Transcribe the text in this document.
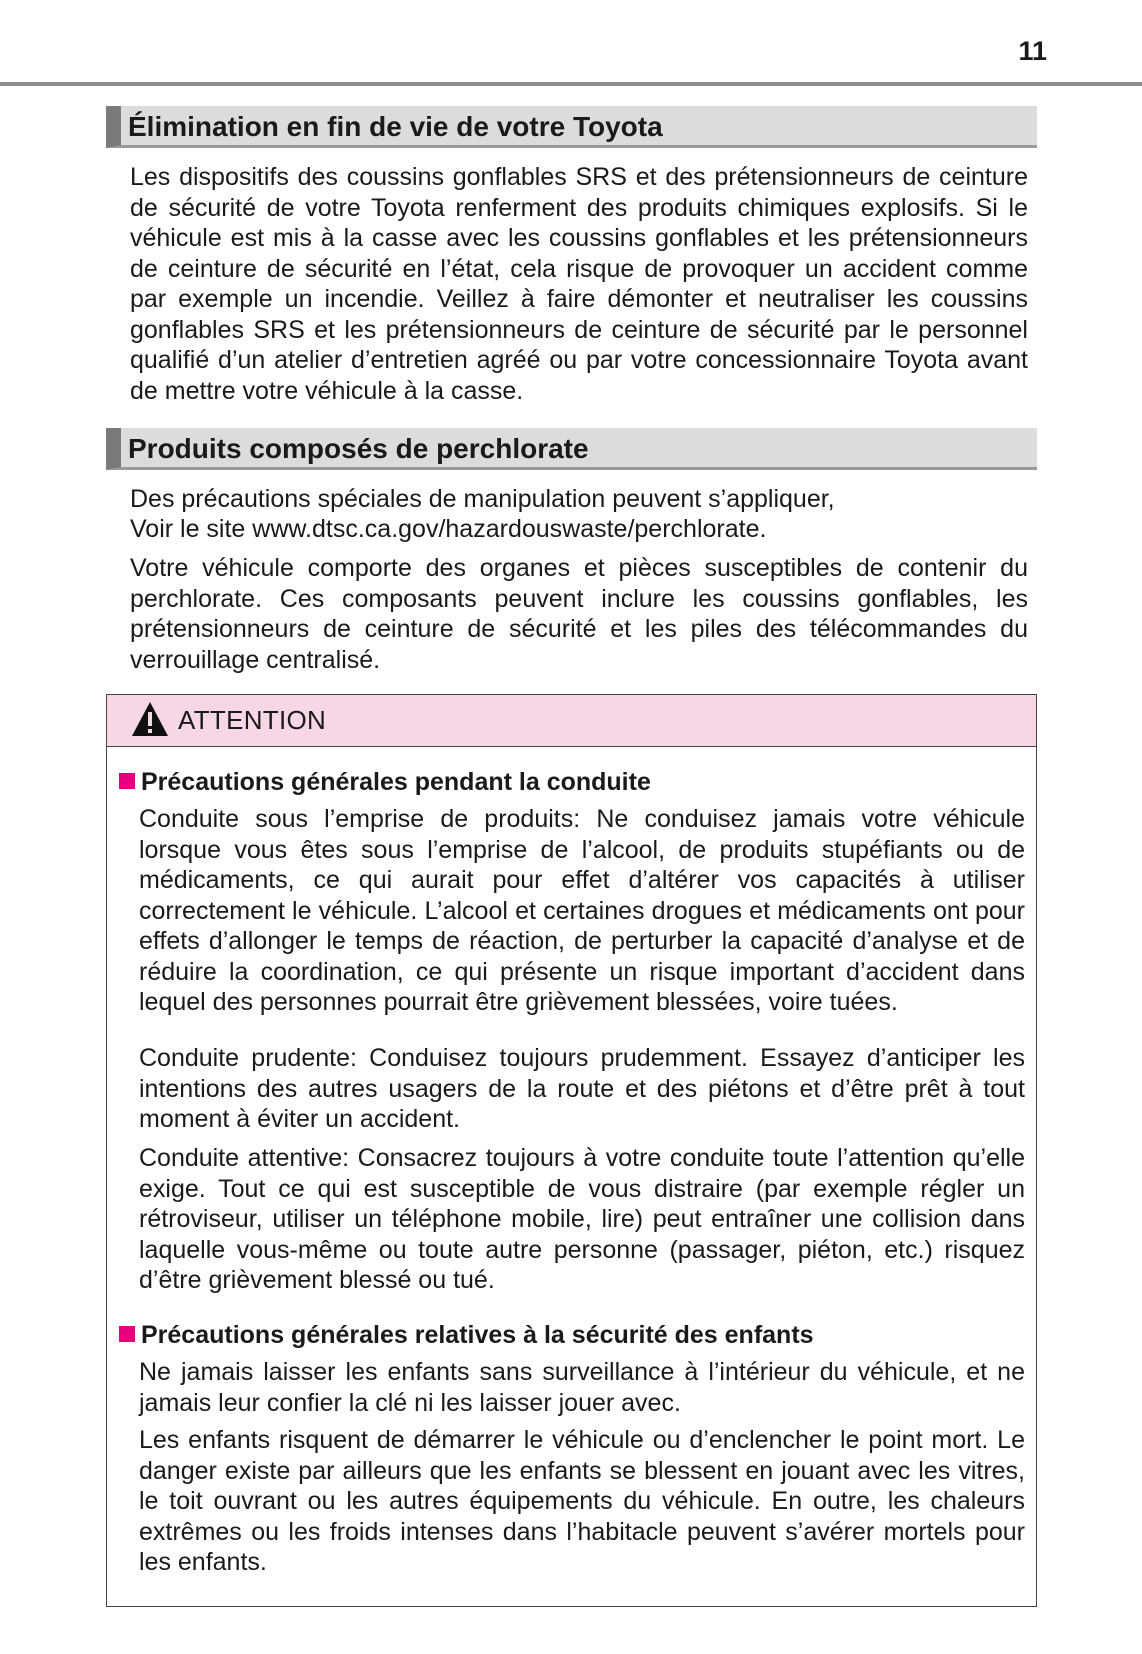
11
Élimination en fin de vie de votre Toyota

Les dispositifs des coussins gonflables SRS et des prétensionneurs de ceinture de sécurité de votre Toyota renferment des produits chimiques explosifs. Si le véhicule est mis à la casse avec les coussins gonflables et les prétensionneurs de ceinture de sécurité en l’état, cela risque de provoquer un accident comme par exemple un incendie. Veillez à faire démonter et neutraliser les coussins gonflables SRS et les prétensionneurs de ceinture de sécurité par le personnel qualifié d’un atelier d’entretien agréé ou par votre concessionnaire Toyota avant de mettre votre véhicule à la casse.

Produits composés de perchlorate

Des précautions spéciales de manipulation peuvent s’appliquer,

Voir le site www.dtsc.ca.gov/hazardouswaste/perchlorate.

Votre véhicule comporte des organes et pièces susceptibles de contenir du perchlorate. Ces composants peuvent inclure les coussins gonflables, les prétensionneurs de ceinture de sécurité et les piles des télécommandes du verrouillage centralisé.

ATTENTION
Précautions générales pendant la conduite

Conduite sous l’emprise de produits: Ne conduisez jamais votre véhicule lorsque vous êtes sous l’emprise de l’alcool, de produits stupéfiants ou de médicaments, ce qui aurait pour effet d’altérer vos capacités à utiliser correctement le véhicule. L’alcool et certaines drogues et médicaments ont pour effets d’allonger le temps de réaction, de perturber la capacité d’analyse et de réduire la coordination, ce qui présente un risque important d’accident dans lequel des personnes pourrait être grièvement blessées, voire tuées.

Conduite prudente: Conduisez toujours prudemment. Essayez d’anticiper les intentions des autres usagers de la route et des piétons et d’être prêt à tout moment à éviter un accident.

Conduite attentive: Consacrez toujours à votre conduite toute l’attention qu’elle exige. Tout ce qui est susceptible de vous distraire (par exemple régler un rétroviseur, utiliser un téléphone mobile, lire) peut entraîner une collision dans laquelle vous-même ou toute autre personne (passager, piéton, etc.) risquez d’être grièvement blessé ou tué.

Précautions générales relatives à la sécurité des enfants

Ne jamais laisser les enfants sans surveillance à l’intérieur du véhicule, et ne jamais leur confier la clé ni les laisser jouer avec.

Les enfants risquent de démarrer le véhicule ou d’enclencher le point mort. Le danger existe par ailleurs que les enfants se blessent en jouant avec les vitres, le toit ouvrant ou les autres équipements du véhicule. En outre, les chaleurs extrêmes ou les froids intenses dans l’habitacle peuvent s’avérer mortels pour les enfants.
